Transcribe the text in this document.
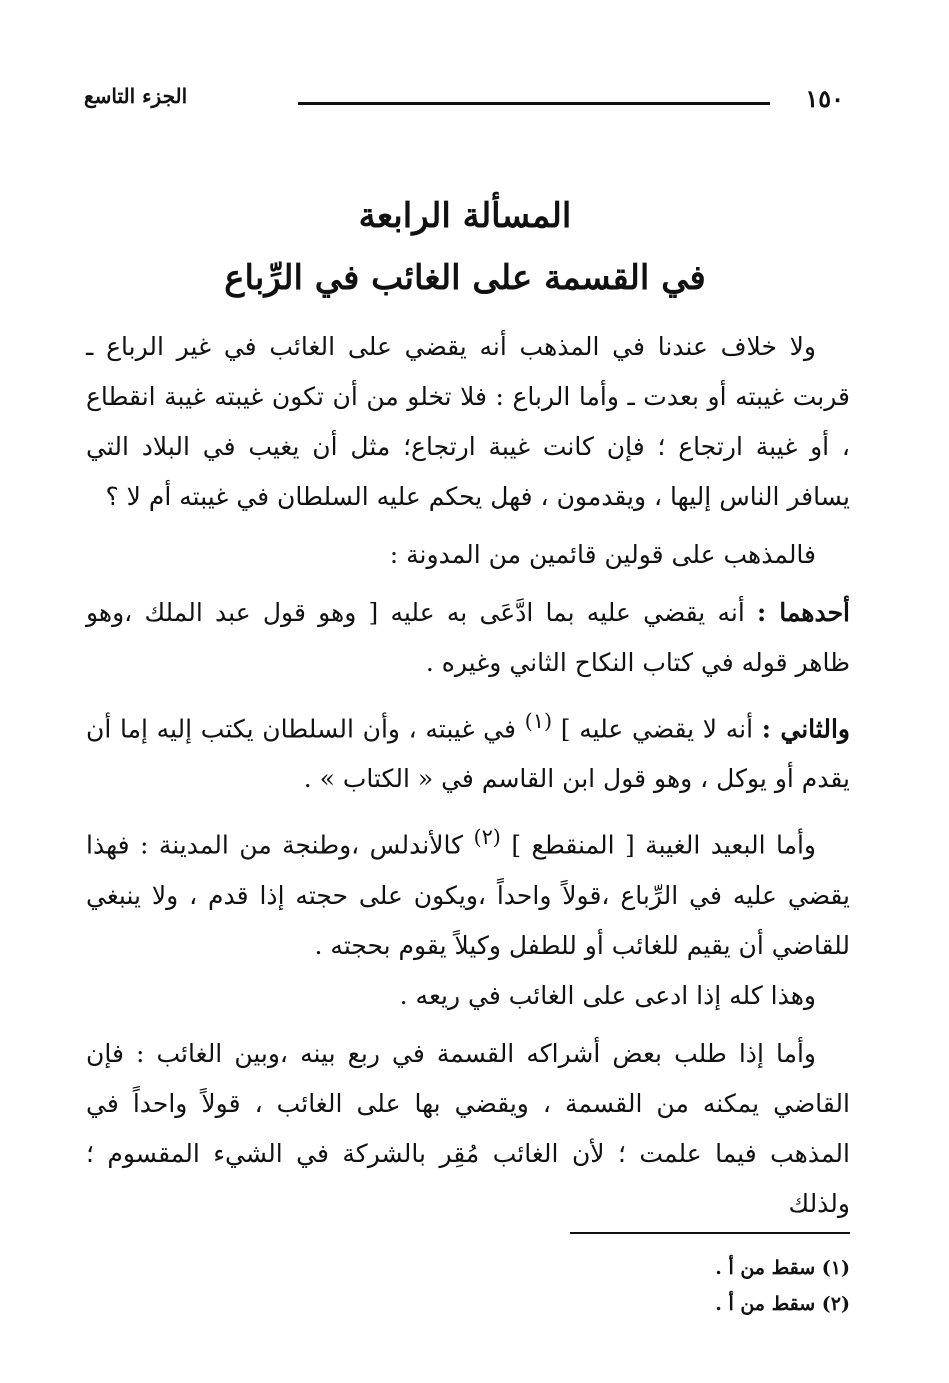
١٥٠
الجزء التاسع
المسألة الرابعة
في القسمة على الغائب في الرِّباع

ولا خلاف عندنا في المذهب أنه يقضي على الغائب في غير الرباع ـ قربت غيبته أو بعدت ـ وأما الرباع : فلا تخلو من أن تكون غيبته غيبة انقطاع ، أو غيبة ارتجاع ؛ فإن كانت غيبة ارتجاع؛ مثل أن يغيب في البلاد التي يسافر الناس إليها ، ويقدمون ، فهل يحكم عليه السلطان في غيبته أم لا ؟

فالمذهب على قولين قائمين من المدونة :

أحدهما : أنه يقضي عليه بما ادَّعَى به عليه [ وهو قول عبد الملك ،وهو ظاهر قوله في كتاب النكاح الثاني وغيره .

والثاني : أنه لا يقضي عليه ] $^{(١)}$ في غيبته ، وأن السلطان يكتب إليه إما أن يقدم أو يوكل ، وهو قول ابن القاسم في « الكتاب » .

وأما البعيد الغيبة [ المنقطع ] $^{(٢)}$ كالأندلس ،وطنجة من المدينة : فهذا يقضي عليه في الرِّباع ،قولاً واحداً ،ويكون على حجته إذا قدم ، ولا ينبغي للقاضي أن يقيم للغائب أو للطفل وكيلاً يقوم بحجته .

وهذا كله إذا ادعى على الغائب في ريعه .

وأما إذا طلب بعض أشراكه القسمة في ربع بينه ،وبين الغائب : فإن القاضي يمكنه من القسمة ، ويقضي بها على الغائب ، قولاً واحداً في المذهب فيما علمت ؛ لأن الغائب مُقِر بالشركة في الشيء المقسوم ؛ ولذلك

(١) سقط من أ .

(٢) سقط من أ .
